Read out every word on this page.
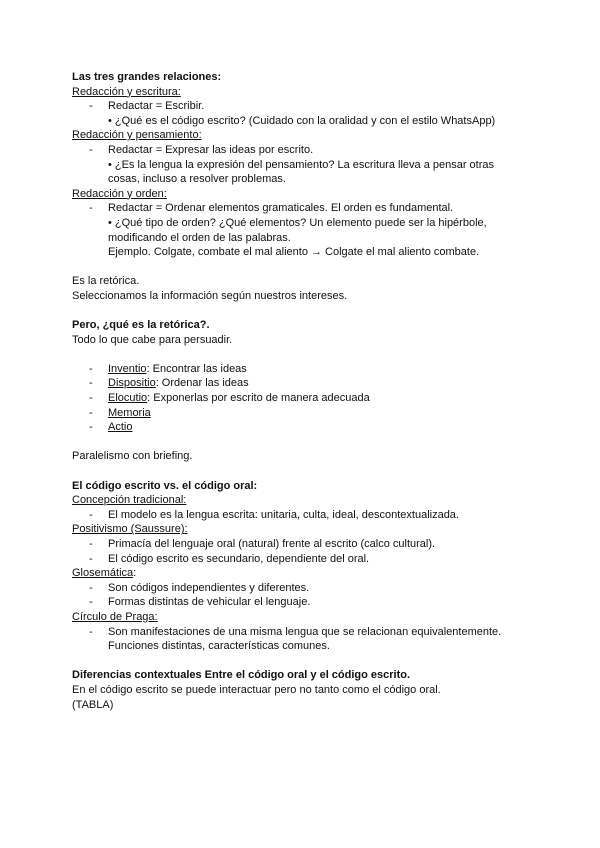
Las tres grandes relaciones:

Redacción y escritura:

- Redactar = Escribir.

• ¿Qué es el código escrito? (Cuidado con la oralidad y con el estilo WhatsApp)

Redacción y pensamiento:

- Redactar = Expresar las ideas por escrito.

• ¿Es la lengua la expresión del pensamiento? La escritura lleva a pensar otras

cosas, incluso a resolver problemas.

Redacción y orden:

- Redactar = Ordenar elementos gramaticales. El orden es fundamental.

• ¿Qué tipo de orden? ¿Qué elementos? Un elemento puede ser la hipérbole,

modificando el orden de las palabras.

Ejemplo. Colgate, combate el mal aliento → Colgate el mal aliento combate.

Es la retórica.

Seleccionamos la información según nuestros intereses.

Pero, ¿qué es la retórica?.

Todo lo que cabe para persuadir.

- Inventio: Encontrar las ideas

- Dispositio: Ordenar las ideas

- Elocutio: Exponerlas por escrito de manera adecuada

- Memoria

- Actio

Paralelismo con briefing.

El código escrito vs. el código oral:

Concepción tradicional:

- El modelo es la lengua escrita: unitaria, culta, ideal, descontextualizada.

Positivismo (Saussure):

- Primacía del lenguaje oral (natural) frente al escrito (calco cultural).

- El código escrito es secundario, dependiente del oral.

Glosemática:

- Son códigos independientes y diferentes.

- Formas distintas de vehicular el lenguaje.

Círculo de Praga:

- Son manifestaciones de una misma lengua que se relacionan equivalentemente.

Funciones distintas, características comunes.

Diferencias contextuales Entre el código oral y el código escrito.

En el código escrito se puede interactuar pero no tanto como el código oral.

(TABLA)
